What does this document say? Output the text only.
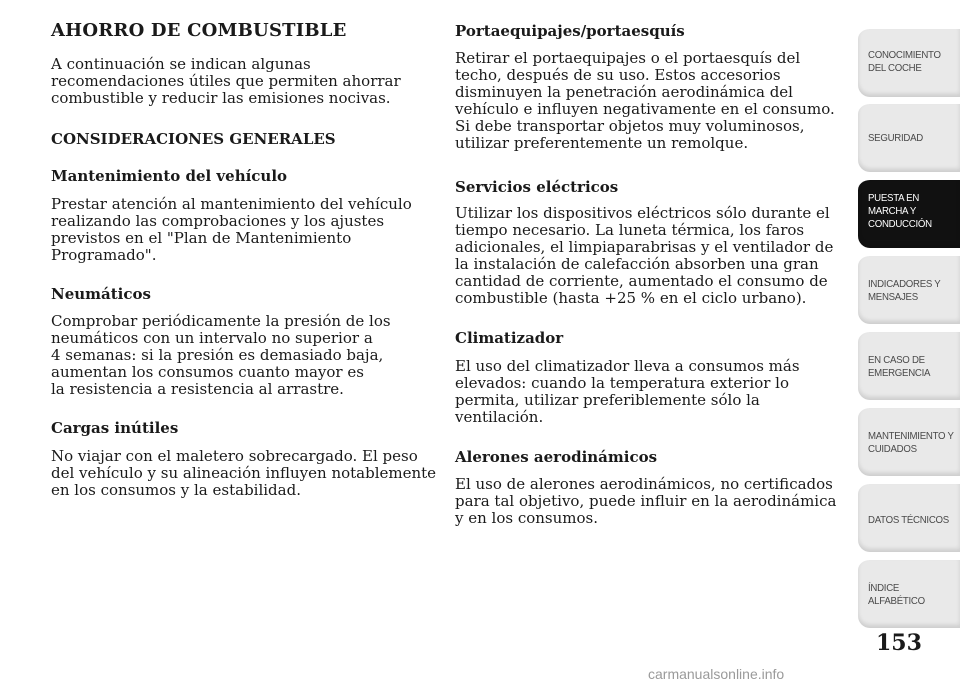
AHORRO DE COMBUSTIBLE
A continuación se indican algunas
recomendaciones útiles que permiten ahorrar
combustible y reducir las emisiones nocivas.
CONSIDERACIONES GENERALES
Mantenimiento del vehículo
Prestar atención al mantenimiento del vehículo
realizando las comprobaciones y los ajustes
previstos en el "Plan de Mantenimiento
Programado".
Neumáticos
Comprobar periódicamente la presión de los
neumáticos con un intervalo no superior a
4 semanas: si la presión es demasiado baja,
aumentan los consumos cuanto mayor es
la resistencia a resistencia al arrastre.
Cargas inútiles
No viajar con el maletero sobrecargado. El peso
del vehículo y su alineación influyen notablemente
en los consumos y la estabilidad.
Portaequipajes/portaesquís
Retirar el portaequipajes o el portaesquís del
techo, después de su uso. Estos accesorios
disminuyen la penetración aerodinámica del
vehículo e influyen negativamente en el consumo.
Si debe transportar objetos muy voluminosos,
utilizar preferentemente un remolque.
Servicios eléctricos
Utilizar los dispositivos eléctricos sólo durante el
tiempo necesario. La luneta térmica, los faros
adicionales, el limpiaparabrisas y el ventilador de
la instalación de calefacción absorben una gran
cantidad de corriente, aumentado el consumo de
combustible (hasta +25 % en el ciclo urbano).
Climatizador
El uso del climatizador lleva a consumos más
elevados: cuando la temperatura exterior lo
permita, utilizar preferiblemente sólo la
ventilación.
Alerones aerodinámicos
El uso de alerones aerodinámicos, no certificados
para tal objetivo, puede influir en la aerodinámica
y en los consumos.
CONOCIMIENTO
DEL COCHE
SEGURIDAD
PUESTA EN
MARCHA Y
CONDUCCIÓN
INDICADORES Y
MENSAJES
EN CASO DE
EMERGENCIA
MANTENIMIENTO Y
CUIDADOS
DATOS TÉCNICOS
ÍNDICE
ALFABÉTICO

153

carmanualsonline.info
